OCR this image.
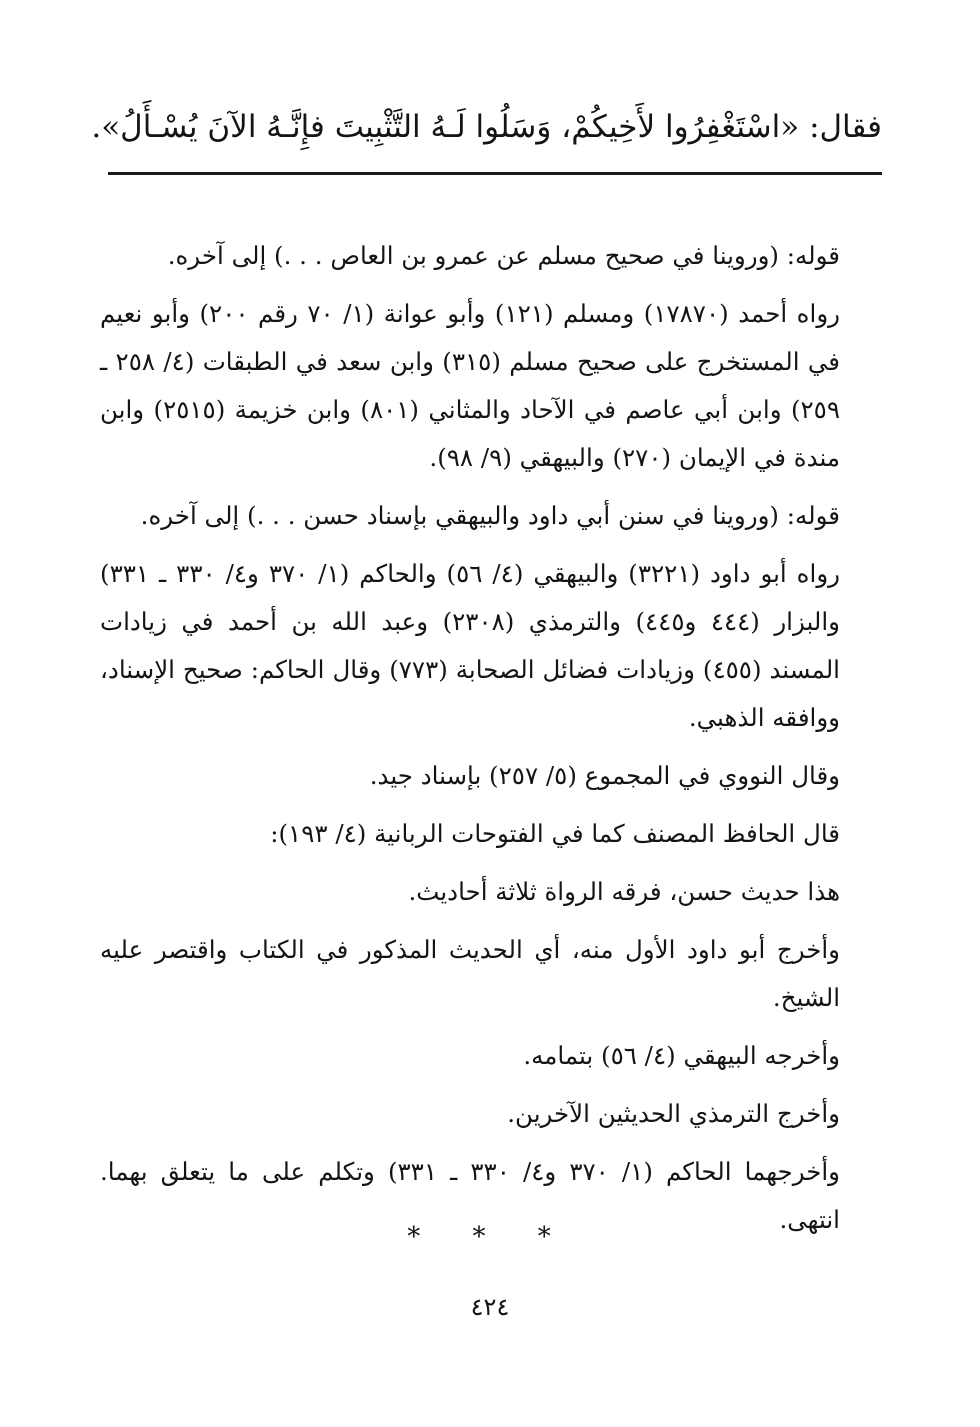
فقال: «اسْتَغْفِرُوا لأَخِيكُمْ، وَسَلُوا لَـهُ التَّثْبِيتَ فإِنَّـهُ الآنَ يُسْـأَلُ».

قوله: (وروينا في صحيح مسلم عن عمرو بن العاص . . .) إلى آخره.

رواه أحمد (١٧٨٧٠) ومسلم (١٢١) وأبو عوانة (١/ ٧٠ رقم ٢٠٠) وأبو نعيم في المستخرج على صحيح مسلم (٣١٥) وابن سعد في الطبقات (٤/ ٢٥٨ ـ ٢٥٩) وابن أبي عاصم في الآحاد والمثاني (٨٠١) وابن خزيمة (٢٥١٥) وابن مندة في الإيمان (٢٧٠) والبيهقي (٩/ ٩٨).

قوله: (وروينا في سنن أبي داود والبيهقي بإسناد حسن . . .) إلى آخره.

رواه أبو داود (٣٢٢١) والبيهقي (٤/ ٥٦) والحاكم (١/ ٣٧٠ و٤/ ٣٣٠ ـ ٣٣١) والبزار (٤٤٤ و٤٤٥) والترمذي (٢٣٠٨) وعبد الله بن أحمد في زيادات المسند (٤٥٥) وزيادات فضائل الصحابة (٧٧٣) وقال الحاكم: صحيح الإسناد، ووافقه الذهبي.

وقال النووي في المجموع (٥/ ٢٥٧) بإسناد جيد.

قال الحافظ المصنف كما في الفتوحات الربانية (٤/ ١٩٣):

هذا حديث حسن، فرقه الرواة ثلاثة أحاديث.

وأخرج أبو داود الأول منه، أي الحديث المذكور في الكتاب واقتصر عليه الشيخ.

وأخرجه البيهقي (٤/ ٥٦) بتمامه.

وأخرج الترمذي الحديثين الآخرين.

وأخرجهما الحاكم (١/ ٣٧٠ و٤/ ٣٣٠ ـ ٣٣١) وتكلم على ما يتعلق بهما. انتهى.

* * *
٤٢٤
